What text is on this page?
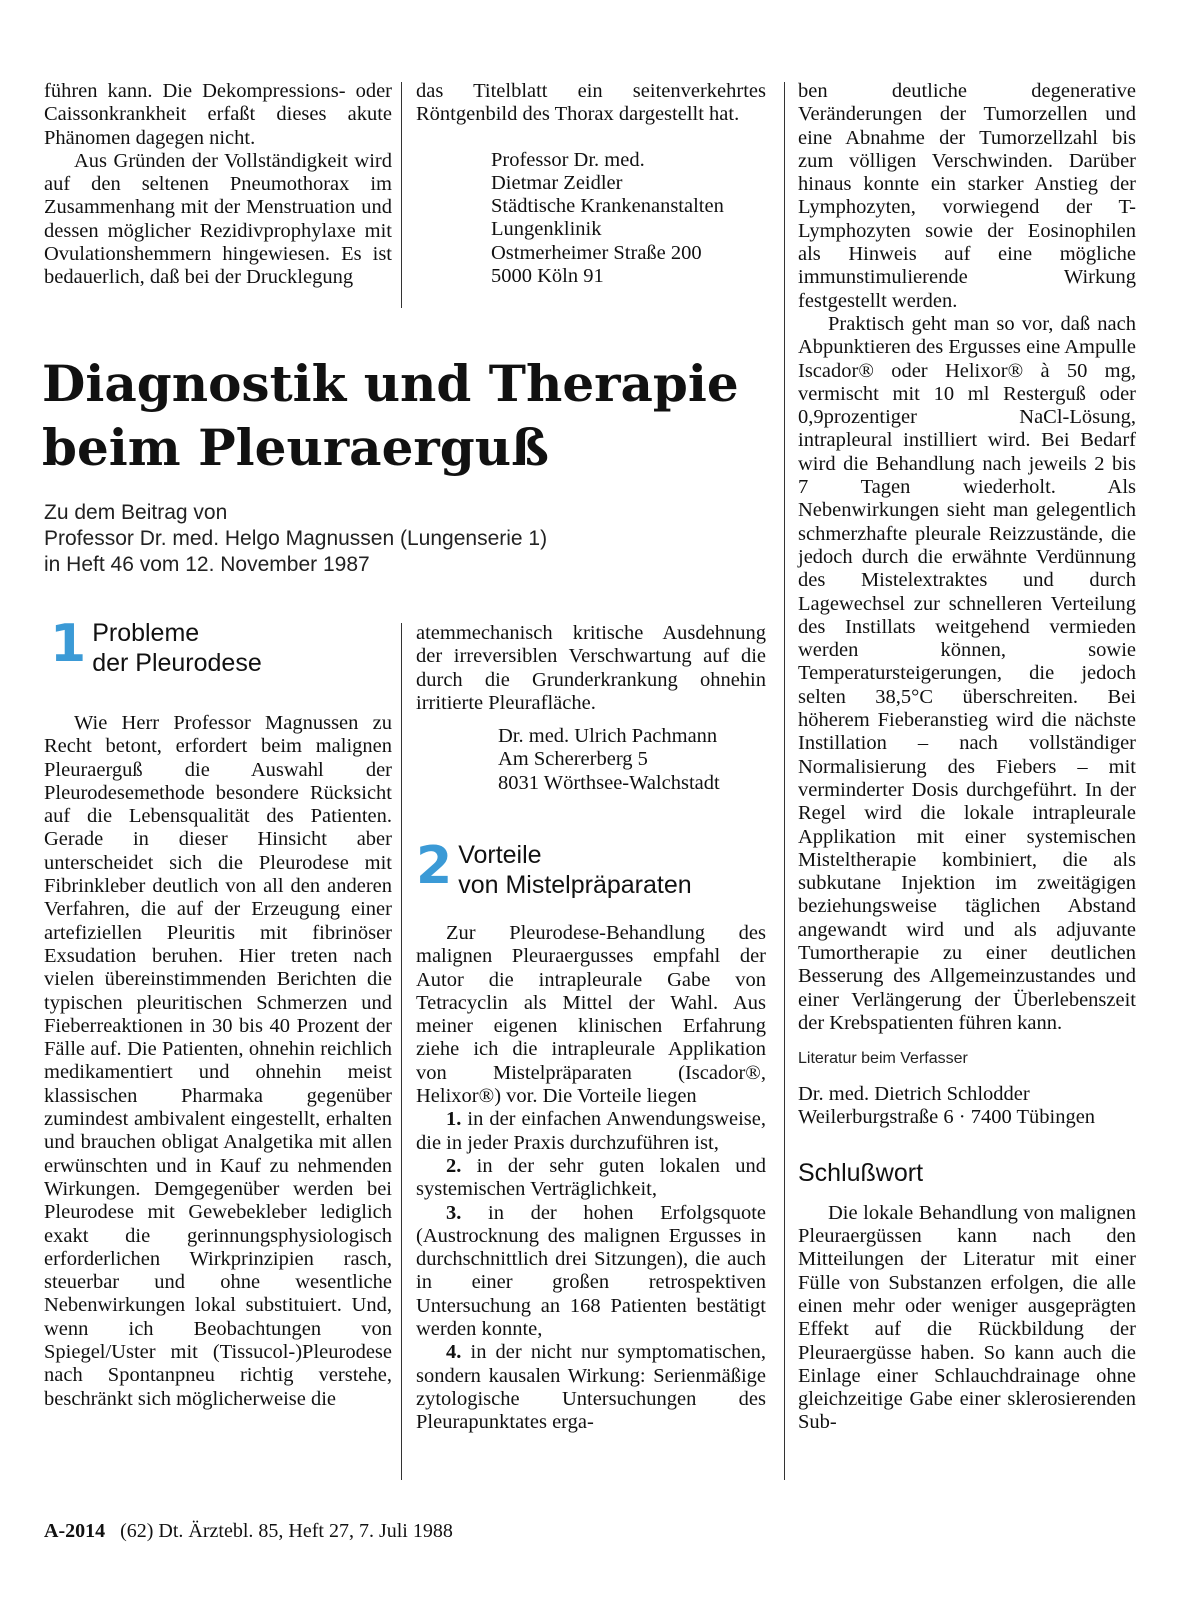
führen kann. Die Dekompressions- oder Caissonkrankheit erfaßt dieses akute Phänomen dagegen nicht.

Aus Gründen der Vollständigkeit wird auf den seltenen Pneumothorax im Zusammenhang mit der Menstruation und dessen möglicher Rezidivprophylaxe mit Ovulationshemmern hingewiesen. Es ist bedauerlich, daß bei der Drucklegung

das Titelblatt ein seitenverkehrtes Röntgenbild des Thorax dargestellt hat.

Professor Dr. med.
Dietmar Zeidler
Städtische Krankenanstalten
Lungenklinik
Ostmerheimer Straße 200
5000 Köln 91
Diagnostik und Therapie
beim Pleuraerguß
Zu dem Beitrag von
Professor Dr. med. Helgo Magnussen (Lungenserie 1)
in Heft 46 vom 12. November 1987
1 Probleme
der Pleurodese

Wie Herr Professor Magnussen zu Recht betont, erfordert beim malignen Pleuraerguß die Auswahl der Pleurodesemethode besondere Rücksicht auf die Lebensqualität des Patienten. Gerade in dieser Hinsicht aber unterscheidet sich die Pleurodese mit Fibrinkleber deutlich von all den anderen Verfahren, die auf der Erzeugung einer artefiziellen Pleuritis mit fibrinöser Exsudation beruhen. Hier treten nach vielen übereinstimmenden Berichten die typischen pleuritischen Schmerzen und Fieberreaktionen in 30 bis 40 Prozent der Fälle auf. Die Patienten, ohnehin reichlich medikamentiert und ohnehin meist klassischen Pharmaka gegenüber zumindest ambivalent eingestellt, erhalten und brauchen obligat Analgetika mit allen erwünschten und in Kauf zu nehmenden Wirkungen. Demgegenüber werden bei Pleurodese mit Gewebekleber lediglich exakt die gerinnungsphysiologisch erforderlichen Wirkprinzipien rasch, steuerbar und ohne wesentliche Nebenwirkungen lokal substituiert. Und, wenn ich Beobachtungen von Spiegel/Uster mit (Tissucol-)Pleurodese nach Spontanpneu richtig verstehe, beschränkt sich möglicherweise die

atemmechanisch kritische Ausdehnung der irreversiblen Verschwartung auf die durch die Grunderkrankung ohnehin irritierte Pleurafläche.

Dr. med. Ulrich Pachmann
Am Schererberg 5
8031 Wörthsee-Walchstadt
2 Vorteile
von Mistelpräparaten

Zur Pleurodese-Behandlung des malignen Pleuraergusses empfahl der Autor die intrapleurale Gabe von Tetracyclin als Mittel der Wahl. Aus meiner eigenen klinischen Erfahrung ziehe ich die intrapleurale Applikation von Mistelpräparaten (Iscador®, Helixor®) vor. Die Vorteile liegen

1. in der einfachen Anwendungsweise, die in jeder Praxis durchzuführen ist,

2. in der sehr guten lokalen und systemischen Verträglichkeit,

3. in der hohen Erfolgsquote (Austrocknung des malignen Ergusses in durchschnittlich drei Sitzungen), die auch in einer großen retrospektiven Untersuchung an 168 Patienten bestätigt werden konnte,

4. in der nicht nur symptomatischen, sondern kausalen Wirkung: Serienmäßige zytologische Untersuchungen des Pleurapunktates erga-

ben deutliche degenerative Veränderungen der Tumorzellen und eine Abnahme der Tumorzellzahl bis zum völligen Verschwinden. Darüber hinaus konnte ein starker Anstieg der Lymphozyten, vorwiegend der T-Lymphozyten sowie der Eosinophilen als Hinweis auf eine mögliche immunstimulierende Wirkung festgestellt werden.

Praktisch geht man so vor, daß nach Abpunktieren des Ergusses eine Ampulle Iscador® oder Helixor® à 50 mg, vermischt mit 10 ml Resterguß oder 0,9prozentiger NaCl-Lösung, intrapleural instilliert wird. Bei Bedarf wird die Behandlung nach jeweils 2 bis 7 Tagen wiederholt. Als Nebenwirkungen sieht man gelegentlich schmerzhafte pleurale Reizzustände, die jedoch durch die erwähnte Verdünnung des Mistelextraktes und durch Lagewechsel zur schnelleren Verteilung des Instillats weitgehend vermieden werden können, sowie Temperatursteigerungen, die jedoch selten 38,5°C überschreiten. Bei höherem Fieberanstieg wird die nächste Instillation – nach vollständiger Normalisierung des Fiebers – mit verminderter Dosis durchgeführt. In der Regel wird die lokale intrapleurale Applikation mit einer systemischen Misteltherapie kombiniert, die als subkutane Injektion im zweitägigen beziehungsweise täglichen Abstand angewandt wird und als adjuvante Tumortherapie zu einer deutlichen Besserung des Allgemeinzustandes und einer Verlängerung der Überlebenszeit der Krebspatienten führen kann.

Literatur beim Verfasser
Dr. med. Dietrich Schlodder
Weilerburgstraße 6 · 7400 Tübingen
Schlußwort

Die lokale Behandlung von malignen Pleuraergüssen kann nach den Mitteilungen der Literatur mit einer Fülle von Substanzen erfolgen, die alle einen mehr oder weniger ausgeprägten Effekt auf die Rückbildung der Pleuraergüsse haben. So kann auch die Einlage einer Schlauchdrainage ohne gleichzeitige Gabe einer sklerosierenden Sub-

A-2014 (62) Dt. Ärztebl. 85, Heft 27, 7. Juli 1988
